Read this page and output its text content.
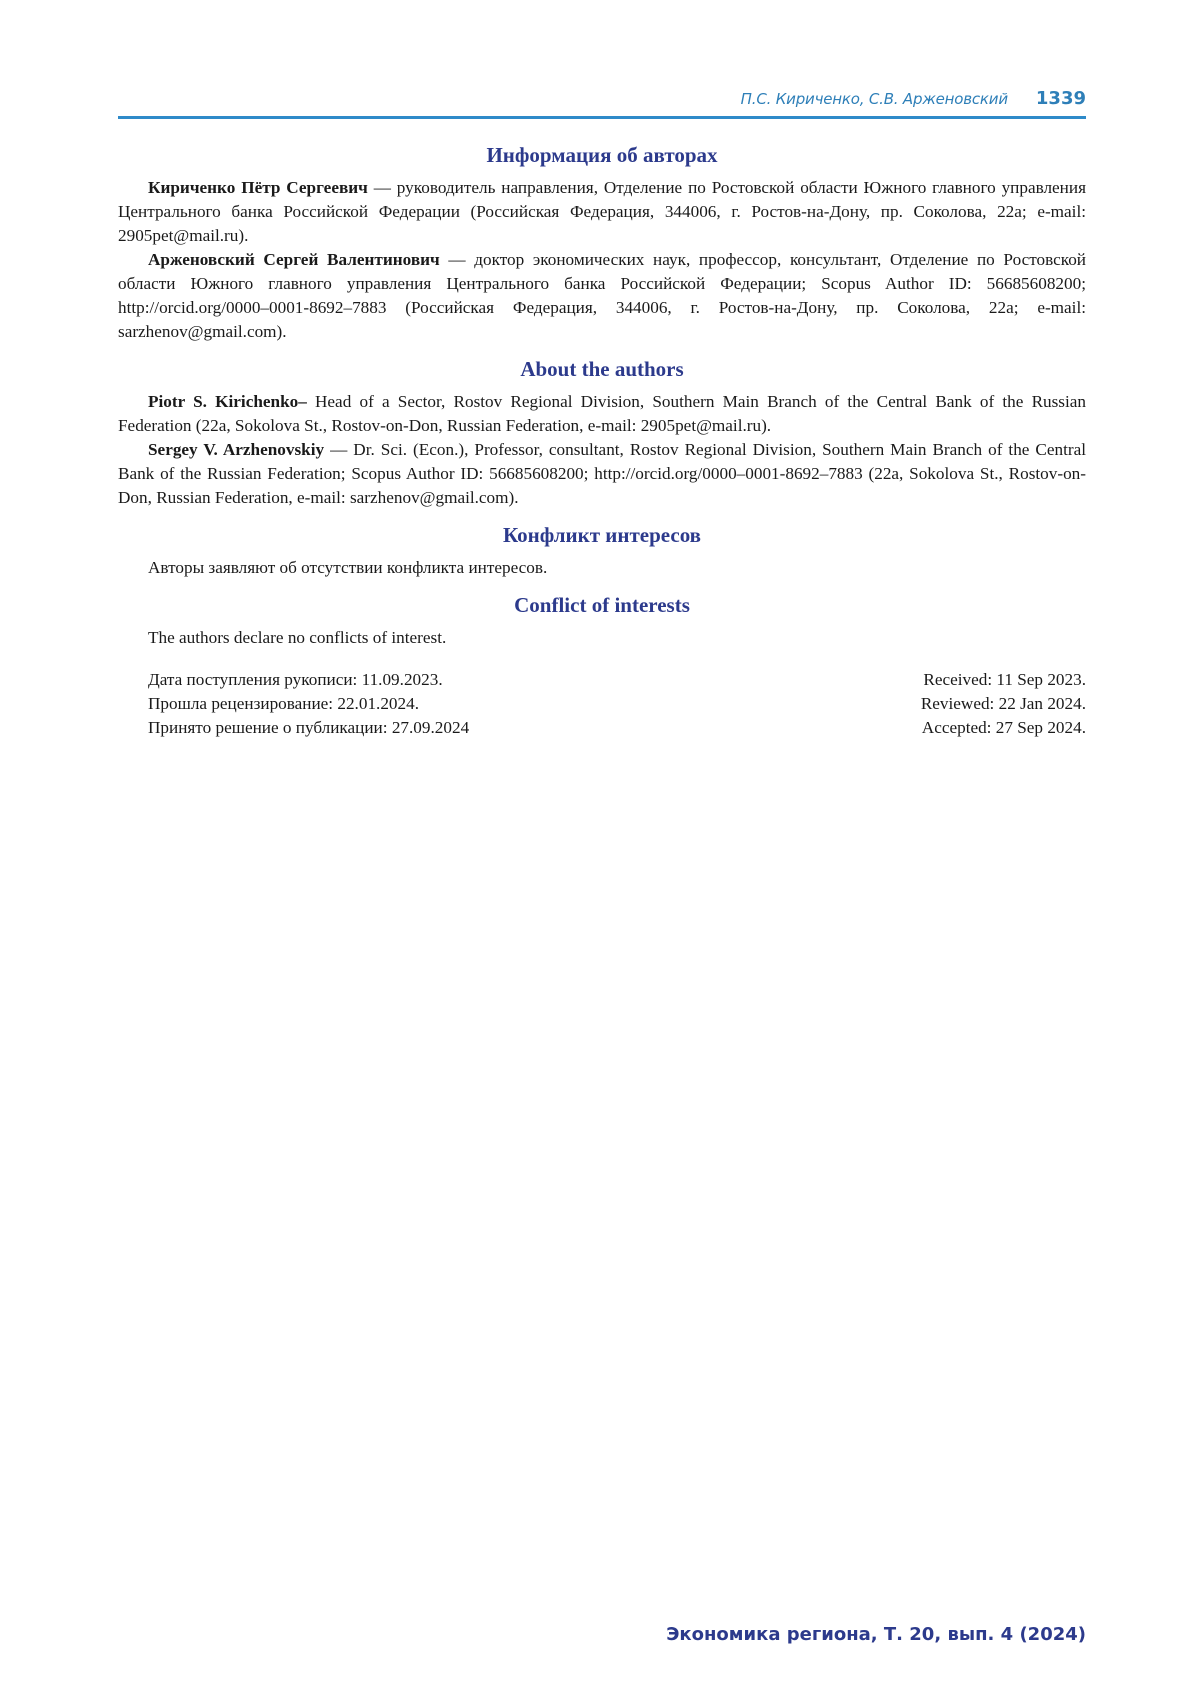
П.С. Кириченко, С.В. Арженовский 1339
Информация об авторах

Кириченко Пётр Сергеевич — руководитель направления, Отделение по Ростовской области Южного главного управления Центрального банка Российской Федерации (Российская Федерация, 344006, г. Ростов-на-Дону, пр. Соколова, 22а; e-mail: 2905pet@mail.ru).

Арженовский Сергей Валентинович — доктор экономических наук, профессор, консультант, Отделение по Ростовской области Южного главного управления Центрального банка Российской Федерации; Scopus Author ID: 56685608200; http://orcid.org/0000–0001-8692–7883 (Российская Федерация, 344006, г. Ростов-на-Дону, пр. Соколова, 22а; e-mail: sarzhenov@gmail.com).

About the authors

Piotr S. Kirichenko– Head of a Sector, Rostov Regional Division, Southern Main Branch of the Central Bank of the Russian Federation (22a, Sokolova St., Rostov-on-Don, Russian Federation, e-mail: 2905pet@mail.ru).

Sergey V. Arzhenovskiy — Dr. Sci. (Econ.), Professor, consultant, Rostov Regional Division, Southern Main Branch of the Central Bank of the Russian Federation; Scopus Author ID: 56685608200; http://orcid.org/0000–0001-8692–7883 (22a, Sokolova St., Rostov-on-Don, Russian Federation, e-mail: sarzhenov@gmail.com).

Конфликт интересов

Авторы заявляют об отсутствии конфликта интересов.

Conflict of interests

The authors declare no conflicts of interest.

Дата поступления рукописи: 11.09.2023.
Прошла рецензирование: 22.01.2024.
Принято решение о публикации: 27.09.2024
Received: 11 Sep 2023.
Reviewed: 22 Jan 2024.
Accepted: 27 Sep 2024.
Экономика региона, Т. 20, вып. 4 (2024)
